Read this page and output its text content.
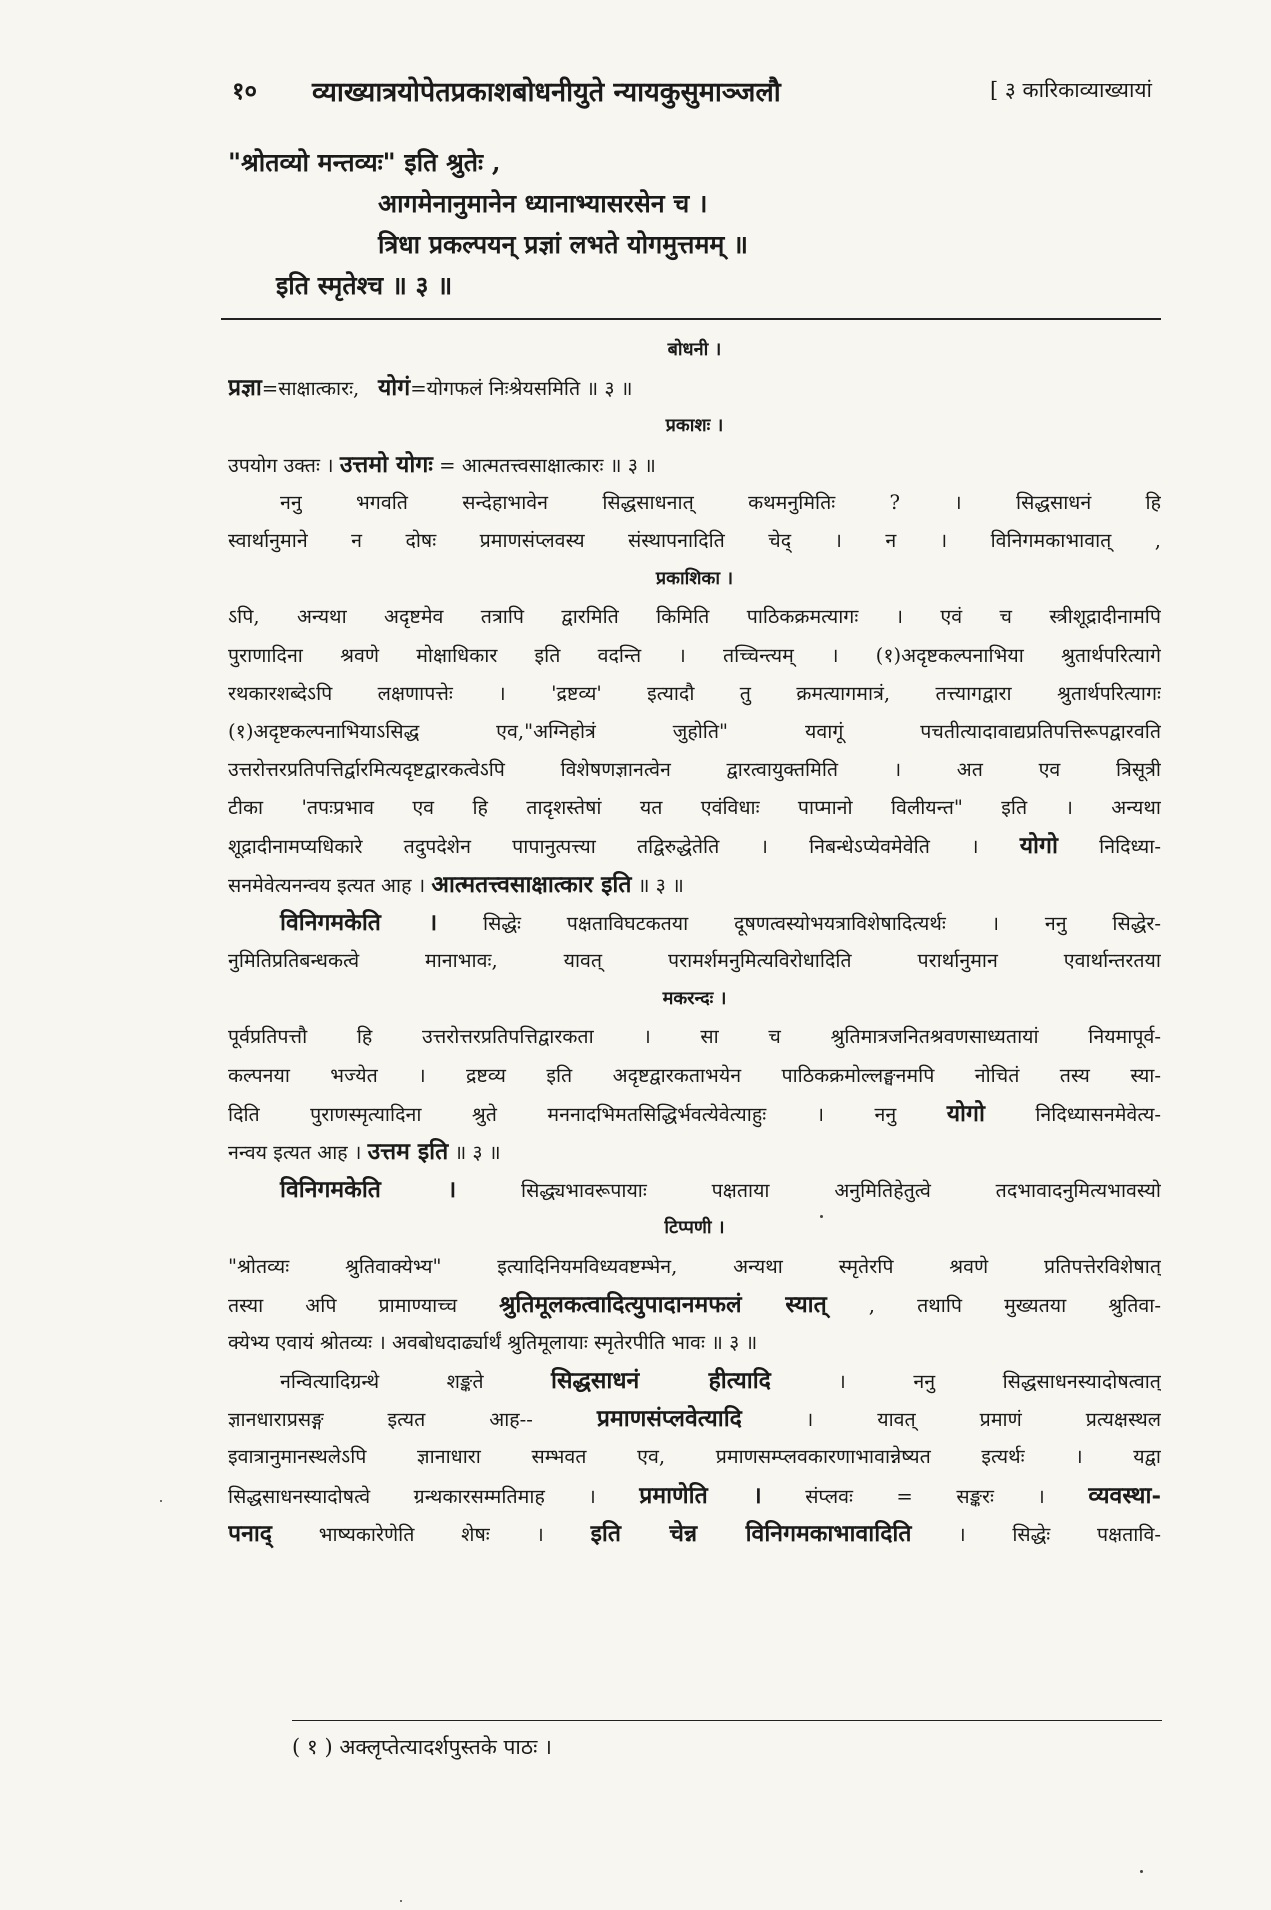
१० व्याख्यात्रयोपेतप्रकाशबोधनीयुते न्यायकुसुमाञ्जलौ	[ ३ कारिकाव्याख्यायां
"श्रोतव्यो मन्तव्यः" इति श्रुतेः ,
आगमेनानुमानेन ध्यानाभ्यासरसेन च ।
त्रिधा प्रकल्पयन् प्रज्ञां लभते योगमुत्तमम् ॥
इति स्मृतेश्च ॥ ३ ॥
बोधनी ।
प्रज्ञा=साक्षात्कारः, योगं=योगफलं निःश्रेयसमिति ॥ ३ ॥
प्रकाशः ।
उपयोग उक्तः । उत्तमो योगः = आत्मतत्त्वसाक्षात्कारः ॥ ३ ॥
ननु भगवति सन्देहाभावेन सिद्धसाधनात् कथमनुमितिः ? । सिद्धसाधनं हि
स्वार्थानुमाने न दोषः प्रमाणसंप्लवस्य संस्थापनादिति चेद् । न । विनिगमकाभावात् ,
प्रकाशिका ।
ऽपि, अन्यथा अदृष्टमेव तत्रापि द्वारमिति किमिति पाठिकक्रमत्यागः । एवं च स्त्रीशूद्रादीनामपि
पुराणादिना श्रवणे मोक्षाधिकार इति वदन्ति । तच्चिन्त्यम् । (१)अदृष्टकल्पनाभिया श्रुतार्थपरित्यागे
रथकारशब्देऽपि लक्षणापत्तेः । 'द्रष्टव्य' इत्यादौ तु क्रमत्यागमात्रं, तत्त्यागद्वारा श्रुतार्थपरित्यागः
(१)अदृष्टकल्पनाभियाऽसिद्ध एव,"अग्निहोत्रं जुहोति" यवागूं पचतीत्यादावाद्यप्रतिपत्तिरूपद्वारवति
उत्तरोत्तरप्रतिपत्तिर्द्वारमित्यदृष्टद्वारकत्वेऽपि विशेषणज्ञानत्वेन द्वारत्वायुक्तमिति । अत एव त्रिसूत्री
टीका 'तपःप्रभाव एव हि तादृशस्तेषां यत एवंविधाः पाप्मानो विलीयन्त" इति । अन्यथा
शूद्रादीनामप्यधिकारे तदुपदेशेन पापानुत्पत्त्या तद्विरुद्धेतेति । निबन्धेऽप्येवमेवेति । योगो निदिध्या-
सनमेवेत्यनन्वय इत्यत आह । आत्मतत्त्वसाक्षात्कार इति ॥ ३ ॥
विनिगमकेति । सिद्धेः पक्षताविघटकतया दूषणत्वस्योभयत्राविशेषादित्यर्थः । ननु सिद्धेर-
नुमितिप्रतिबन्धकत्वे मानाभावः, यावत् परामर्शमनुमित्यविरोधादिति परार्थानुमान एवार्थान्तरतया
मकरन्दः ।
पूर्वप्रतिपत्तौ हि उत्तरोत्तरप्रतिपत्तिद्वारकता । सा च श्रुतिमात्रजनितश्रवणसाध्यतायां नियमापूर्व-
कल्पनया भज्येत । द्रष्टव्य इति अदृष्टद्वारकताभयेन पाठिकक्रमोल्लङ्घनमपि नोचितं तस्य स्या-
दिति पुराणस्मृत्यादिना श्रुते मननादभिमतसिद्धिर्भवत्येवेत्याहुः । ननु योगो	निदिध्यासनमेवेत्य-
नन्वय इत्यत आह । उत्तम इति ॥ ३ ॥
विनिगमकेति ।	सिद्ध्यभावरूपायाः पक्षताया अनुमितिहेतुत्वे तदभावादनुमित्यभावस्यो
टिप्पणी ।
"श्रोतव्यः श्रुतिवाक्येभ्य" इत्यादिनियमविध्यवष्टम्भेन, अन्यथा स्मृतेरपि श्रवणे प्रतिपत्तेरविशेषात्
तस्या अपि प्रामाण्याच्च श्रुतिमूलकत्वादित्युपादानमफलं स्यात् , तथापि मुख्यतया श्रुतिवा-
क्येभ्य एवायं श्रोतव्यः । अवबोधदार्ढ्यार्थं श्रुतिमूलायाः स्मृतेरपीति भावः ॥ ३ ॥
नन्वित्यादिग्रन्थे शङ्कते	सिद्धसाधनं हीत्यादि	। ननु सिद्धसाधनस्यादोषत्वात्
ज्ञानधाराप्रसङ्ग इत्यत आह--	प्रमाणसंप्लवेत्यादि	। यावत् प्रमाणं प्रत्यक्षस्थल
इवात्रानुमानस्थलेऽपि ज्ञानाधारा सम्भवत एव, प्रमाणसम्प्लवकारणाभावान्नेष्यत इत्यर्थः । यद्वा
सिद्धसाधनस्यादोषत्वे ग्रन्थकारसम्मतिमाह । प्रमाणेति । संप्लवः = सङ्करः । व्यवस्था-
पनाद् भाष्यकारेणेति शेषः । इति चेन्न विनिगमकाभावादिति । सिद्धेः पक्षतावि-
( १ ) अक्लृप्तेत्यादर्शपुस्तके पाठः ।
